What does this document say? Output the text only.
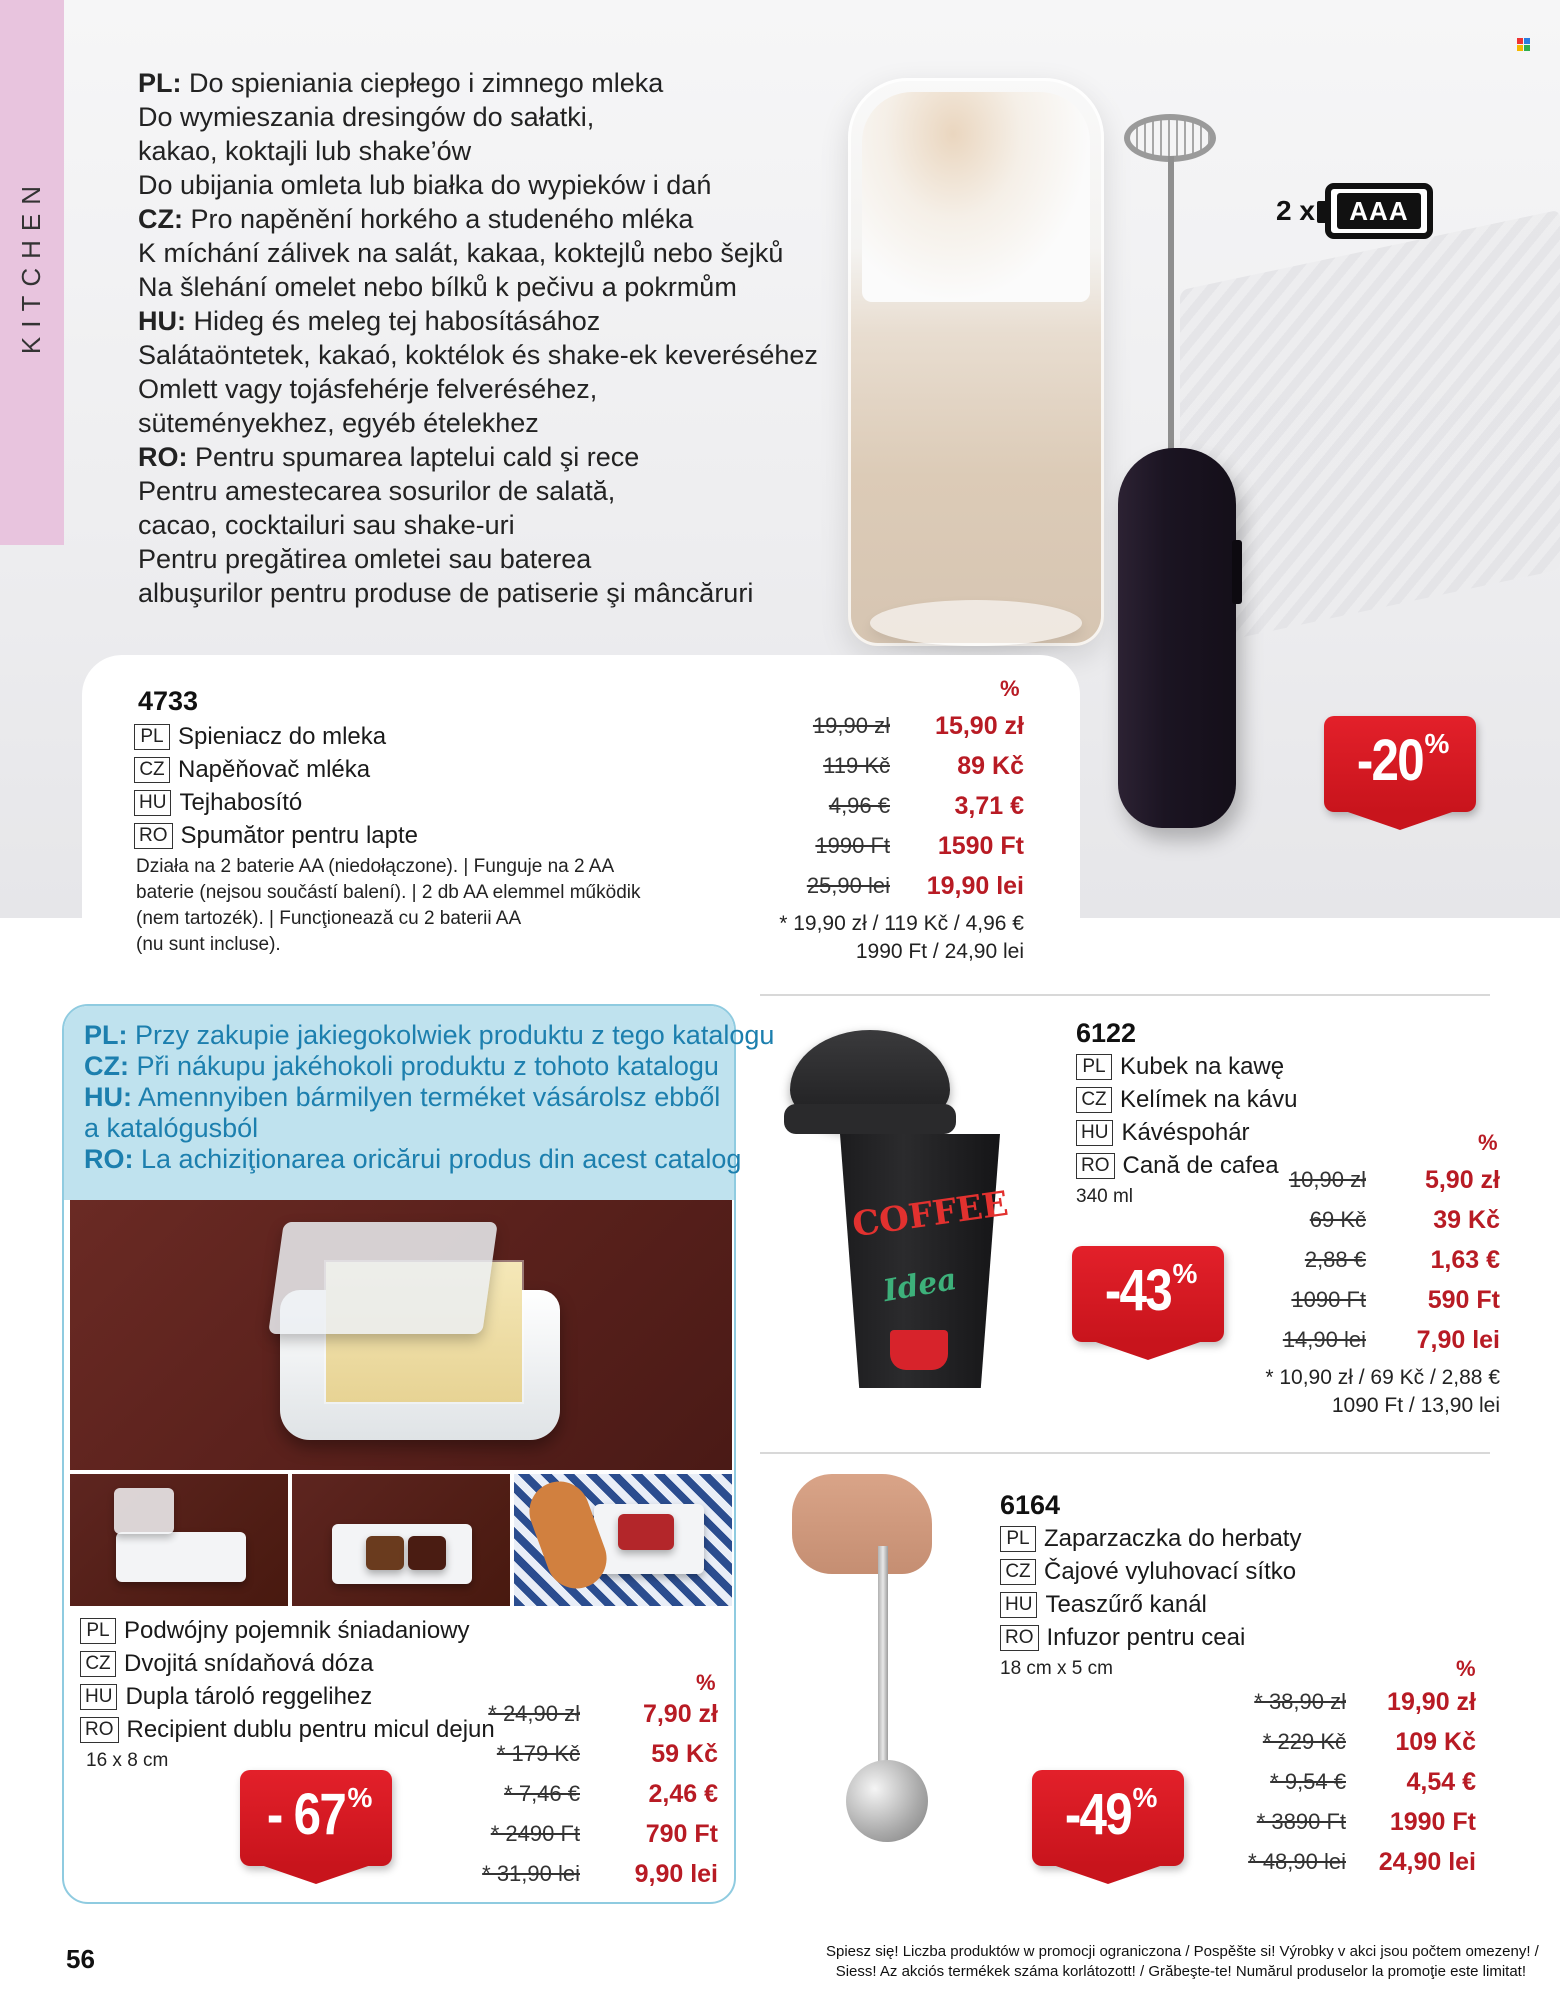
KITCHEN
PL: Do spieniania ciepłego i zimnego mleka
Do wymieszania dresingów do sałatki,
kakao, koktajli lub shake’ów
Do ubijania omleta lub białka do wypieków i dań
CZ: Pro napěnění horkého a studeného mléka
K míchání zálivek na salát, kakaa, koktejlů nebo šejků
Na šlehání omelet nebo bílků k pečivu a pokrmům
HU: Hideg és meleg tej habosításához
Salátaöntetek, kakaó, koktélok és shake-ek keveréséhez
Omlett vagy tojásfehérje felveréséhez,
süteményekhez, egyéb ételekhez
RO: Pentru spumarea laptelui cald şi rece
Pentru amestecarea sosurilor de salată,
cacao, cocktailuri sau shake-uri
Pentru pregătirea omletei sau baterea
albuşurilor pentru produse de patiserie şi mâncăruri
2 x	AAA
4733
PL Spieniacz do mleka
CZ Napěňovač mléka
HU Tejhabosító
RO Spumător pentru lapte
Działa na 2 baterie AA (niedołączone). | Funguje na 2 AA
baterie (nejsou součástí balení). | 2 db AA elemmel működik
(nem tartozék). | Funcţionează cu 2 baterii AA
(nu sunt incluse).
%
19,90 zł	15,90 zł
119 Kč	89 Kč
4,96 €	3,71 €
1990 Ft	1590 Ft
25,90 lei	19,90 lei
* 19,90 zł / 119 Kč / 4,96 €
1990 Ft / 24,90 lei
-20 %
PL: Przy zakupie jakiegokolwiek produktu z tego katalogu
CZ: Při nákupu jakéhokoli produktu z tohoto katalogu
HU: Amennyiben bármilyen terméket vásárolsz ebből
a katalógusból
RO: La achiziţionarea oricărui produs din acest catalog
PL Podwójny pojemnik śniadaniowy
CZ Dvojitá snídaňová dóza
HU Dupla tároló reggelihez
RO Recipient dublu pentru micul dejun
16 x 8 cm
%
* 24,90 zł	7,90 zł
* 179 Kč	59 Kč
* 7,46 €	2,46 €
* 2490 Ft	790 Ft
* 31,90 lei	9,90 lei
- 67 %
COFFEE
Idea
6122
PL Kubek na kawę
CZ Kelímek na kávu
HU Kávéspohár
RO Cană de cafea
340 ml
%
10,90 zł	5,90 zł
69 Kč	39 Kč
2,88 €	1,63 €
1090 Ft	590 Ft
14,90 lei	7,90 lei
* 10,90 zł / 69 Kč / 2,88 €
1090 Ft / 13,90 lei
-43 %
6164
PL Zaparzaczka do herbaty
CZ Čajové vyluhovací sítko
HU Teaszűrő kanál
RO Infuzor pentru ceai
18 cm x 5 cm	%
* 38,90 zł	19,90 zł
* 229 Kč	109 Kč
* 9,54 €	4,54 €
* 3890 Ft	1990 Ft
* 48,90 lei	24,90 lei
-49 %
56	Spiesz się! Liczba produktów w promocji ograniczona / Pospěšte si! Výrobky v akci jsou počtem omezeny! /
Siess! Az akciós termékek száma korlátozott! / Grăbeşte-te! Numărul produselor la promoţie este limitat!
